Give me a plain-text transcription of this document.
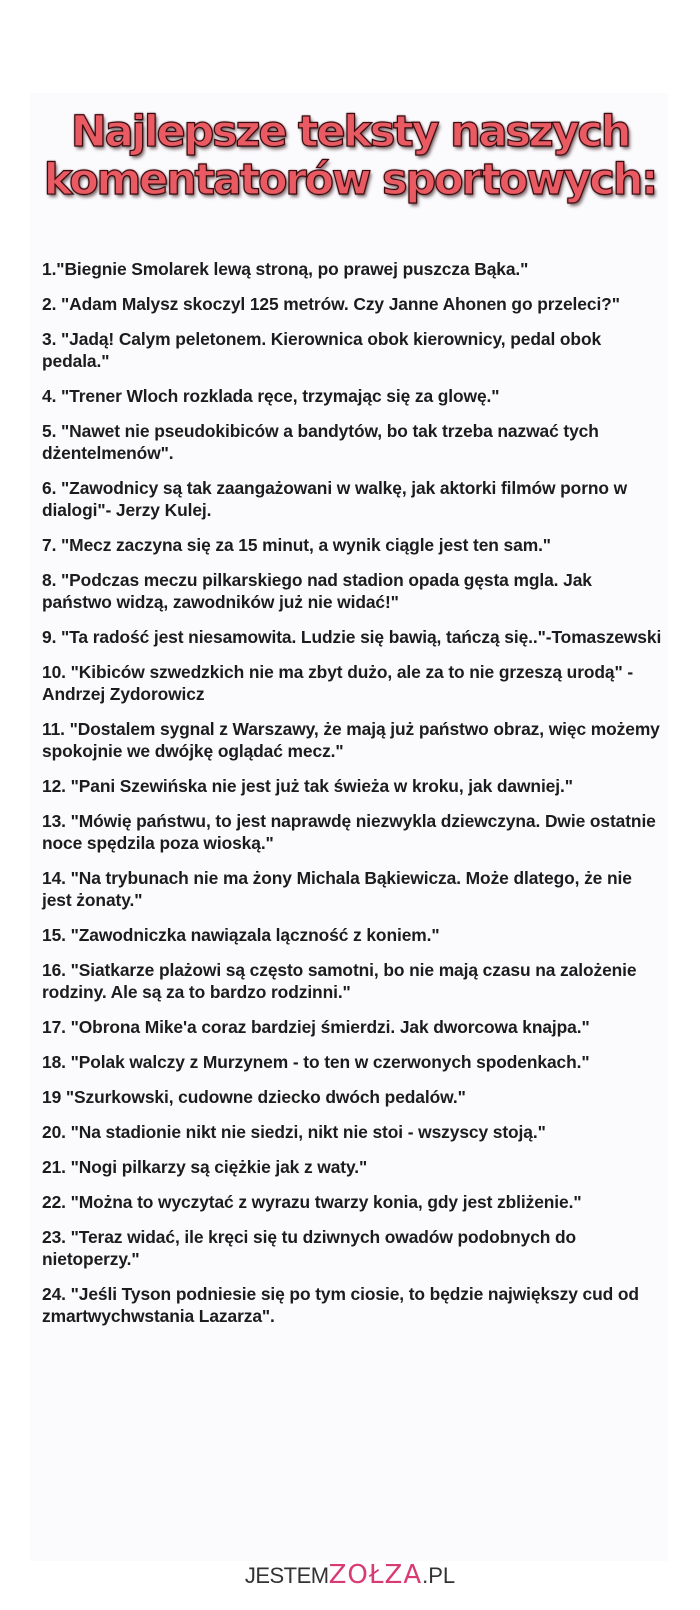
Najlepsze teksty naszych
komentatorów sportowych:
1."Biegnie Smolarek lewą stroną, po prawej puszcza Bąka."
2. "Adam Malysz skoczyl 125 metrów. Czy Janne Ahonen go przeleci?"
3. "Jadą! Calym peletonem. Kierownica obok kierownicy, pedal obok pedala."
4. "Trener Wloch rozklada ręce, trzymając się za glowę."
5. "Nawet nie pseudokibiców a bandytów, bo tak trzeba nazwać tych dżentelmenów".
6. "Zawodnicy są tak zaangażowani w walkę, jak aktorki filmów porno w dialogi"- Jerzy Kulej.
7. "Mecz zaczyna się za 15 minut, a wynik ciągle jest ten sam."
8. "Podczas meczu pilkarskiego nad stadion opada gęsta mgla. Jak państwo widzą, zawodników już nie widać!"
9. "Ta radość jest niesamowita. Ludzie się bawią, tańczą się.."-Tomaszewski
10. "Kibiców szwedzkich nie ma zbyt dużo, ale za to nie grzeszą urodą" - Andrzej Zydorowicz
11. "Dostalem sygnal z Warszawy, że mają już państwo obraz, więc możemy spokojnie we dwójkę oglądać mecz."
12. "Pani Szewińska nie jest już tak świeża w kroku, jak dawniej."
13. "Mówię państwu, to jest naprawdę niezwykla dziewczyna. Dwie ostatnie noce spędzila poza wioską."
14. "Na trybunach nie ma żony Michala Bąkiewicza. Może dlatego, że nie jest żonaty."
15. "Zawodniczka nawiązala lączność z koniem."
16. "Siatkarze plażowi są często samotni, bo nie mają czasu na zalożenie rodziny. Ale są za to bardzo rodzinni."
17. "Obrona Mike'a coraz bardziej śmierdzi. Jak dworcowa knajpa."
18. "Polak walczy z Murzynem - to ten w czerwonych spodenkach."
19 "Szurkowski, cudowne dziecko dwóch pedalów."
20. "Na stadionie nikt nie siedzi, nikt nie stoi - wszyscy stoją."
21. "Nogi pilkarzy są ciężkie jak z waty."
22. "Można to wyczytać z wyrazu twarzy konia, gdy jest zbliżenie."
23. "Teraz widać, ile kręci się tu dziwnych owadów podobnych do nietoperzy."
24. "Jeśli Tyson podniesie się po tym ciosie, to będzie największy cud od zmartwychwstania Lazarza".
JESTEMZOŁZA.PL
